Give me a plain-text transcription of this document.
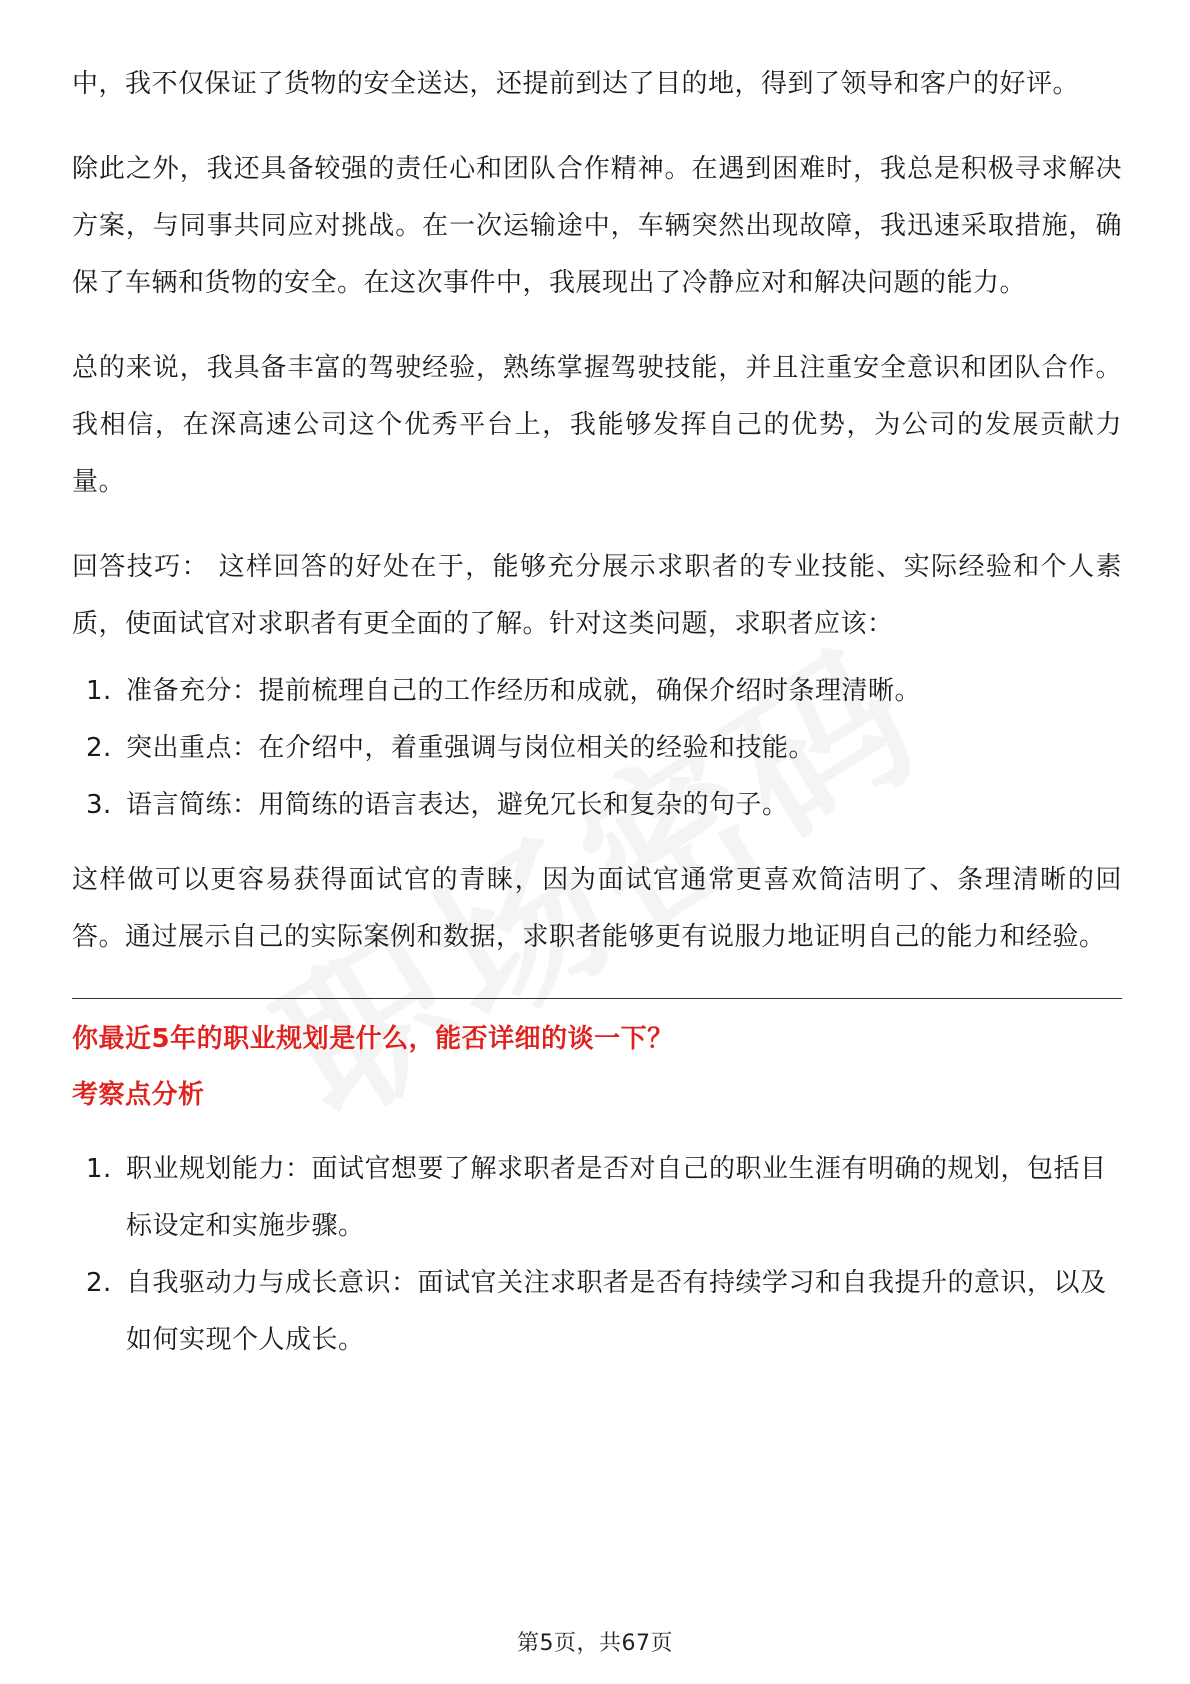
中，我不仅保证了货物的安全送达，还提前到达了目的地，得到了领导和客户的好评。

除此之外，我还具备较强的责任心和团队合作精神。在遇到困难时，我总是积极寻求解决方案，与同事共同应对挑战。在一次运输途中，车辆突然出现故障，我迅速采取措施，确保了车辆和货物的安全。在这次事件中，我展现出了冷静应对和解决问题的能力。

总的来说，我具备丰富的驾驶经验，熟练掌握驾驶技能，并且注重安全意识和团队合作。我相信，在深高速公司这个优秀平台上，我能够发挥自己的优势，为公司的发展贡献力量。

回答技巧： 这样回答的好处在于，能够充分展示求职者的专业技能、实际经验和个人素质，使面试官对求职者有更全面的了解。针对这类问题，求职者应该：

1. 准备充分：提前梳理自己的工作经历和成就，确保介绍时条理清晰。
2. 突出重点：在介绍中，着重强调与岗位相关的经验和技能。
3. 语言简练：用简练的语言表达，避免冗长和复杂的句子。

这样做可以更容易获得面试官的青睐，因为面试官通常更喜欢简洁明了、条理清晰的回答。通过展示自己的实际案例和数据，求职者能够更有说服力地证明自己的能力和经验。

你最近5年的职业规划是什么，能否详细的谈一下？
考察点分析
1. 职业规划能力：面试官想要了解求职者是否对自己的职业生涯有明确的规划，包括目标设定和实施步骤。
2. 自我驱动力与成长意识：面试官关注求职者是否有持续学习和自我提升的意识，以及如何实现个人成长。
第5页，共67页
